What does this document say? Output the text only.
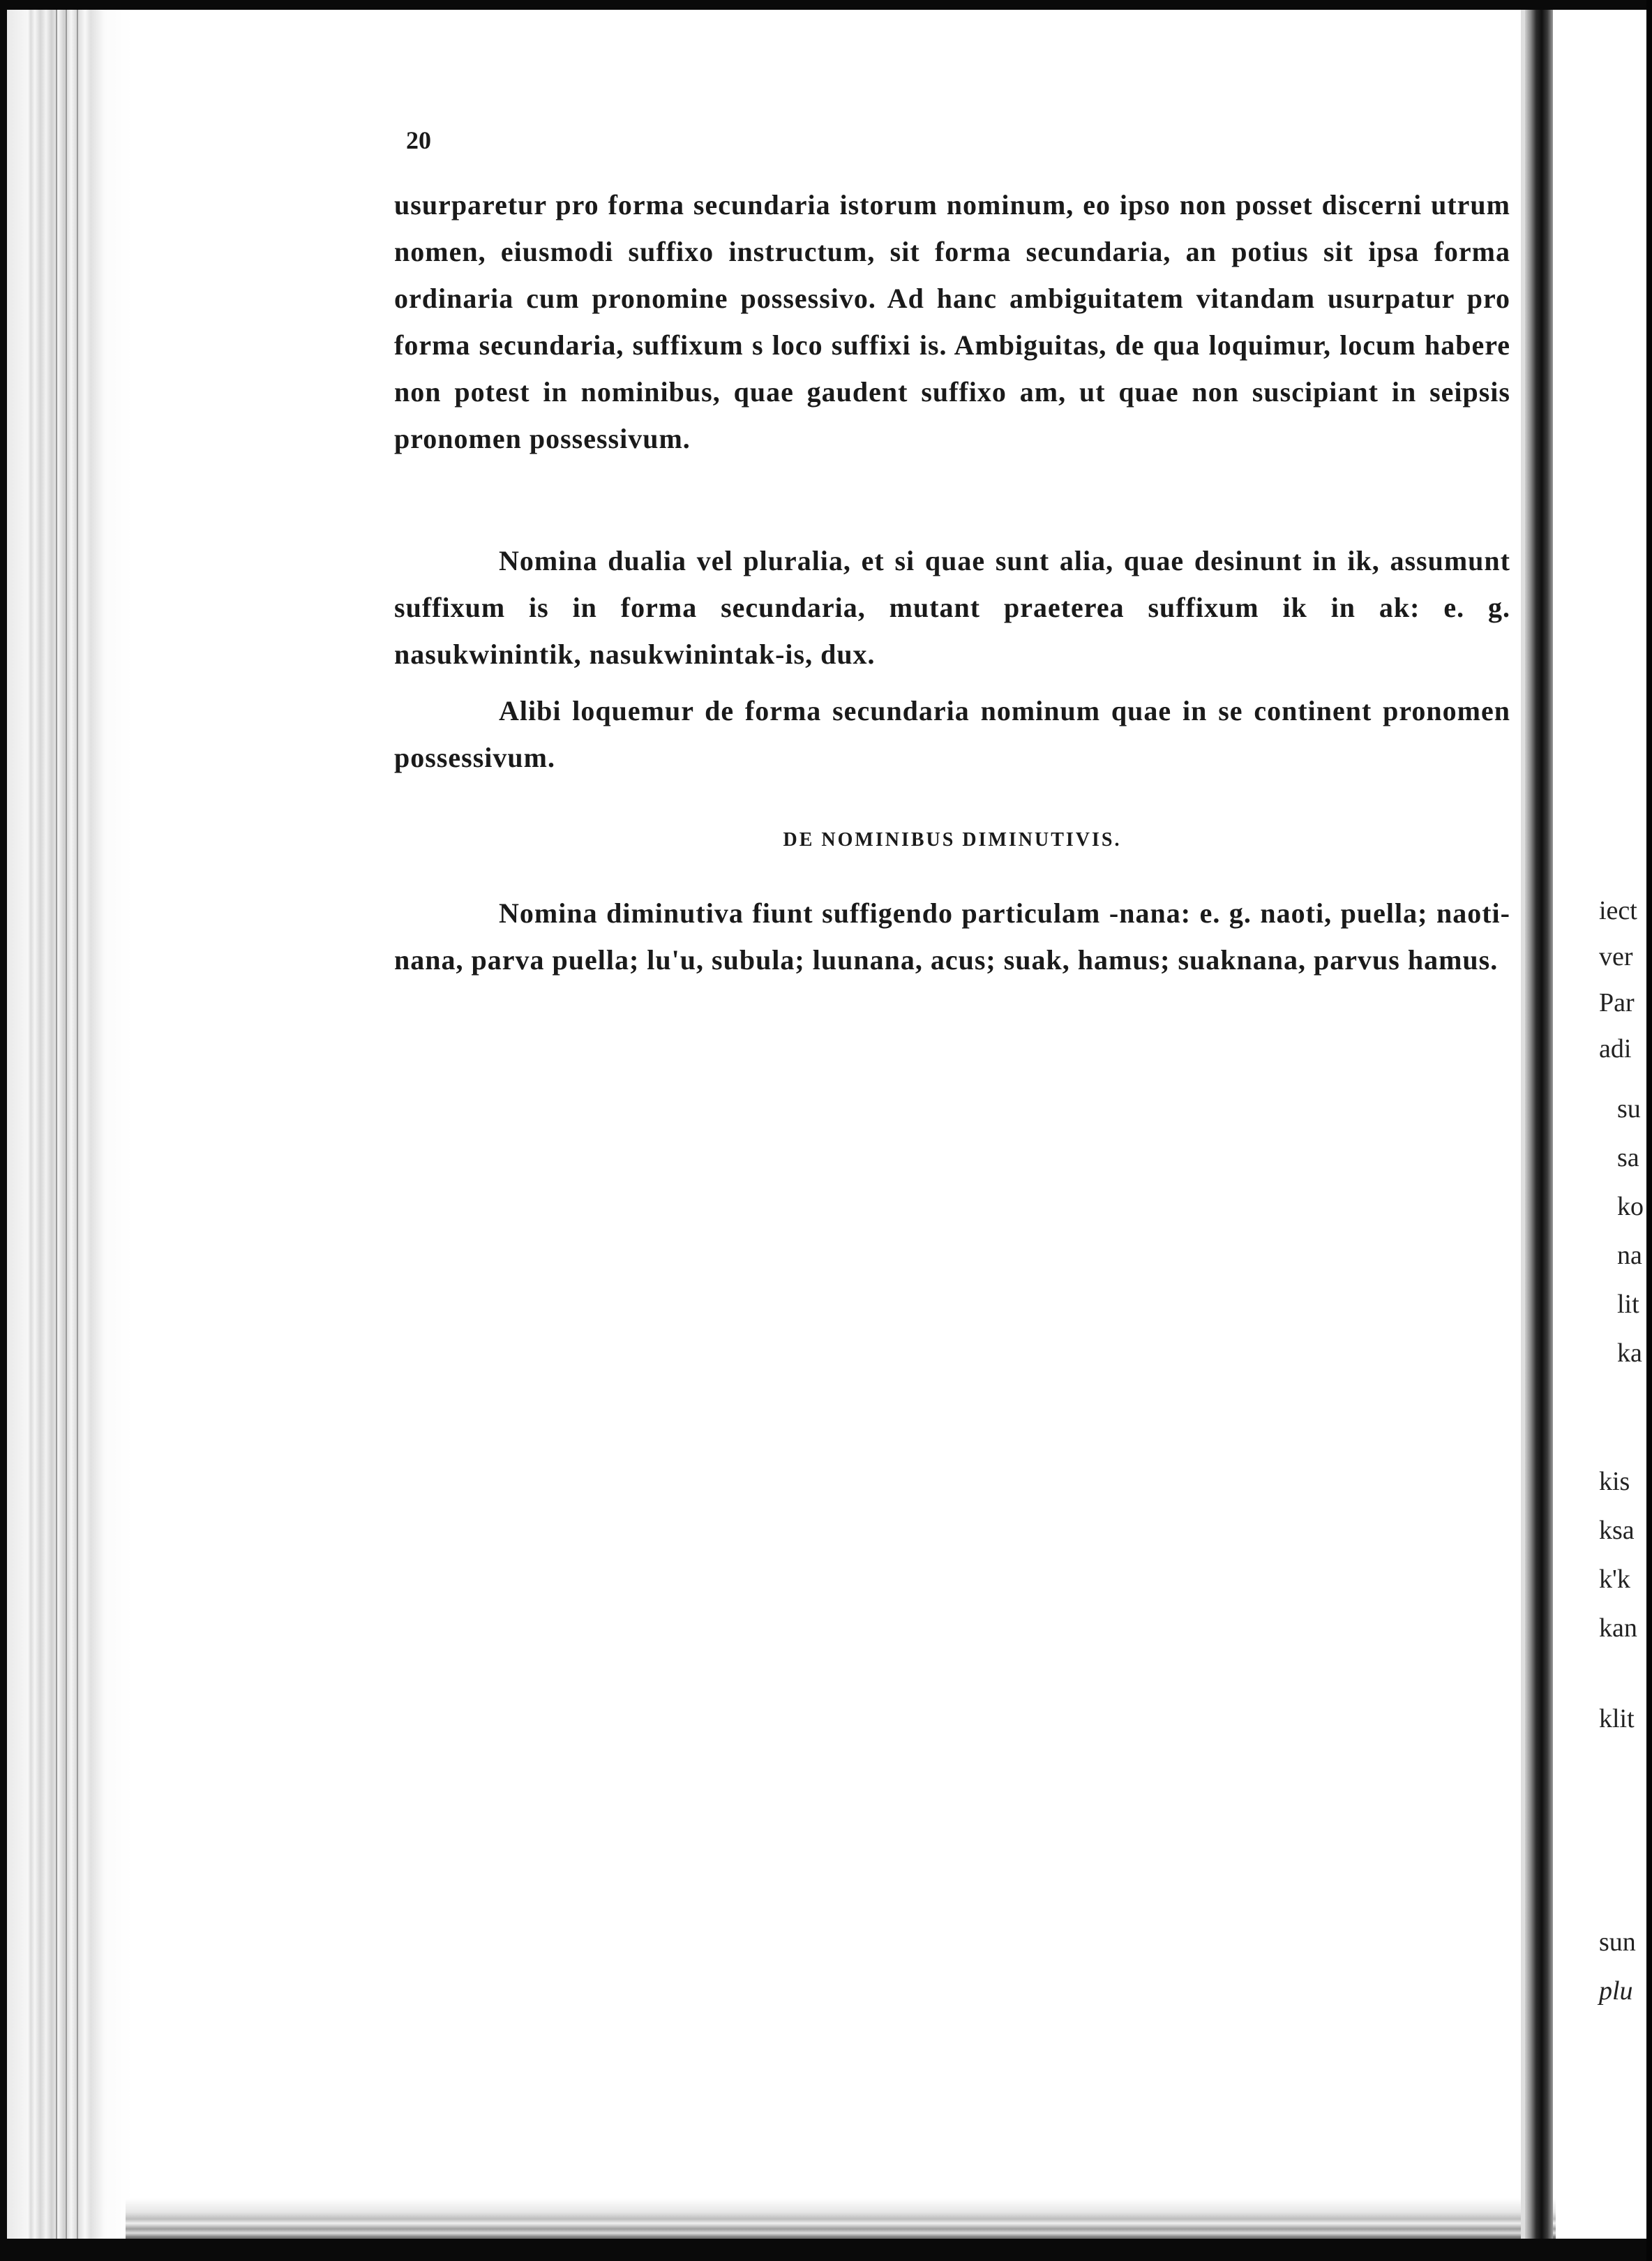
20
usurparetur pro forma secundaria istorum nominum, eo ipso non posset discerni utrum nomen, eiusmodi suffixo instructum, sit forma secundaria, an potius sit ipsa forma ordinaria cum pronomine possessivo. Ad hanc ambiguitatem vitandam usurpatur pro forma secundaria, suffixum s loco suffixi is. Ambiguitas, de qua loquimur, locum habere non potest in nominibus, quae gaudent suffixo am, ut quae non suscipiant in seipsis pronomen possessivum.
Nomina dualia vel pluralia, et si quae sunt alia, quae desinunt in ik, assumunt suffixum is in forma secundaria, mutant praeterea suffixum ik in ak: e. g. nasukwinintik, nasukwinintak-is, dux.
Alibi loquemur de forma secundaria nominum quae in se continent pronomen possessivum.
DE NOMINIBUS DIMINUTIVIS.
Nomina diminutiva fiunt suffigendo particulam -nana: e. g. naoti, puella; naoti-nana, parva puella; lu'u, subula; luunana, acus; suak, hamus; suaknana, parvus hamus.
iect
ver
Par
adi
su
sa
ko
na
lit
ka
kis
ksa
k'k
kan
klit
sun
plu
